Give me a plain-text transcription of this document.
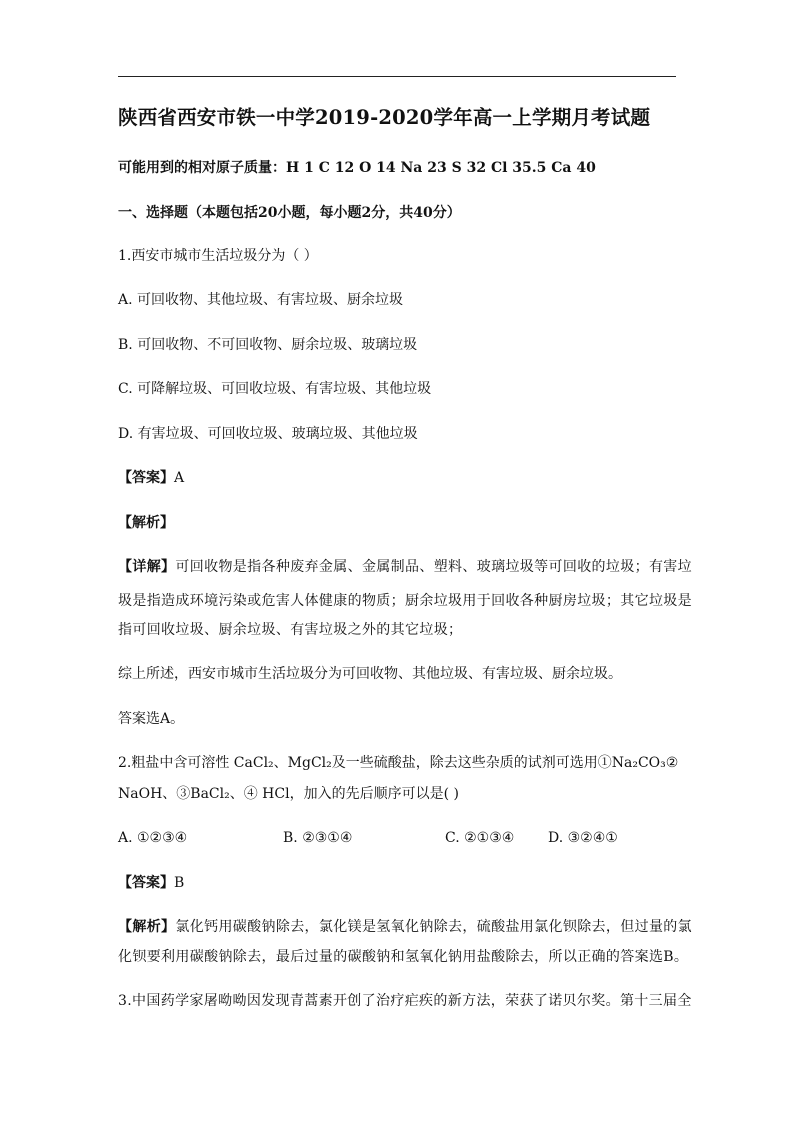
陕西省西安市铁一中学2019-2020学年高一上学期月考试题
可能用到的相对原子质量：H 1 C 12 O 14 Na 23 S 32 Cl 35.5 Ca 40
一、选择题（本题包括20小题，每小题2分，共40分）
1.西安市城市生活垃圾分为（ ）
A. 可回收物、其他垃圾、有害垃圾、厨余垃圾
B. 可回收物、不可回收物、厨余垃圾、玻璃垃圾
C. 可降解垃圾、可回收垃圾、有害垃圾、其他垃圾
D. 有害垃圾、可回收垃圾、玻璃垃圾、其他垃圾
【答案】A
【解析】
【详解】可回收物是指各种废弃金属、金属制品、塑料、玻璃垃圾等可回收的垃圾；有害垃
圾是指造成环境污染或危害人体健康的物质；厨余垃圾用于回收各种厨房垃圾；其它垃圾是
指可回收垃圾、厨余垃圾、有害垃圾之外的其它垃圾；
综上所述，西安市城市生活垃圾分为可回收物、其他垃圾、有害垃圾、厨余垃圾。
答案选A。
2.粗盐中含可溶性 CaCl₂、MgCl₂及一些硫酸盐，除去这些杂质的试剂可选用①Na₂CO₃②
NaOH、③BaCl₂、④ HCl，加入的先后顺序可以是( )
A. ①②③④	B. ②③①④	C. ②①③④ D. ③②④①
【答案】B
【解析】氯化钙用碳酸钠除去，氯化镁是氢氧化钠除去，硫酸盐用氯化钡除去，但过量的氯
化钡要利用碳酸钠除去，最后过量的碳酸钠和氢氧化钠用盐酸除去，所以正确的答案选B。
3.中国药学家屠呦呦因发现青蒿素开创了治疗疟疾的新方法，荣获了诺贝尔奖。第十三届全
